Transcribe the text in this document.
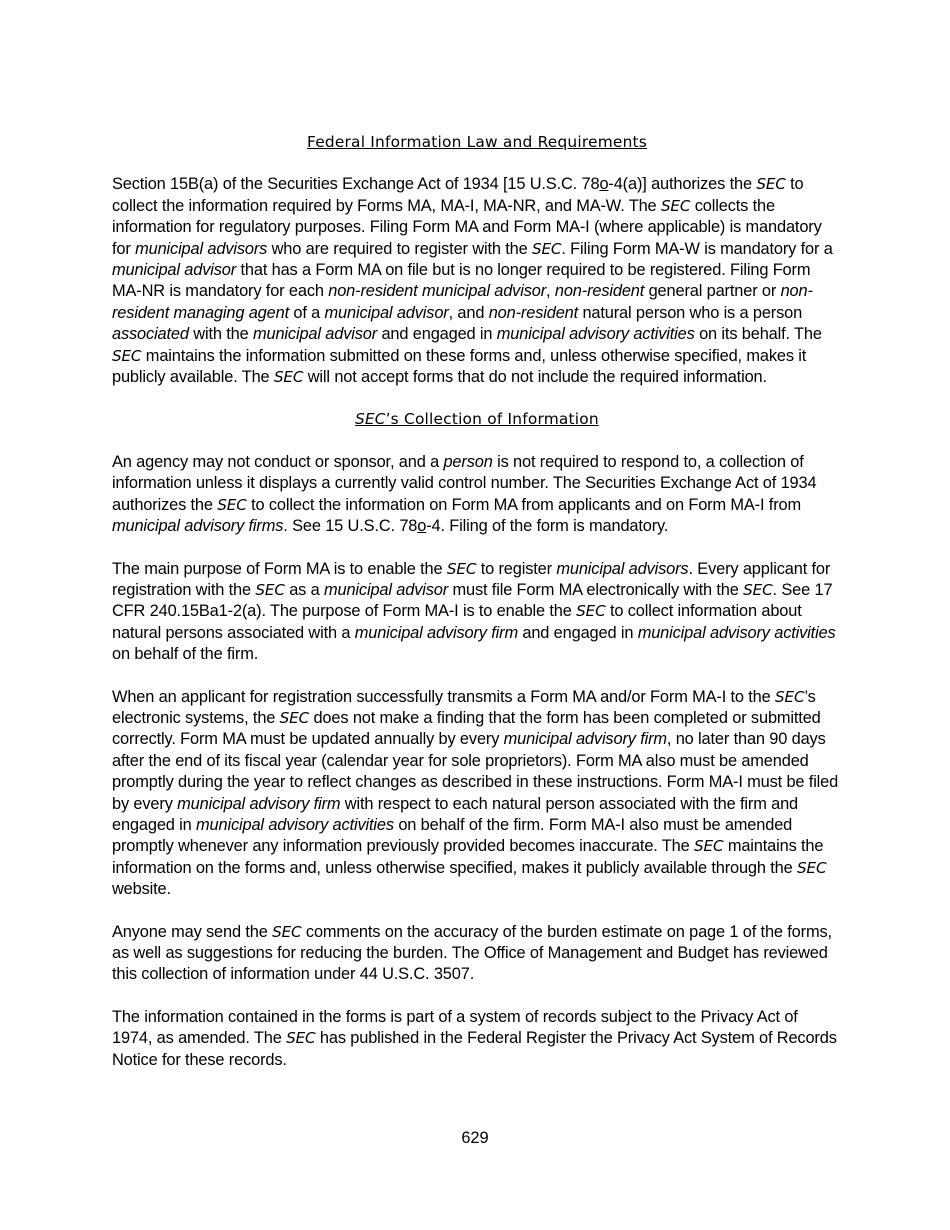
Federal Information Law and Requirements

Section 15B(a) of the Securities Exchange Act of 1934 [15 U.S.C. 78o-4(a)] authorizes the SEC to collect the information required by Forms MA, MA-I, MA-NR, and MA-W. The SEC collects the information for regulatory purposes. Filing Form MA and Form MA-I (where applicable) is mandatory for municipal advisors who are required to register with the SEC. Filing Form MA-W is mandatory for a municipal advisor that has a Form MA on file but is no longer required to be registered. Filing Form MA-NR is mandatory for each non-resident municipal advisor, non-resident general partner or non-resident managing agent of a municipal advisor, and non-resident natural person who is a person associated with the municipal advisor and engaged in municipal advisory activities on its behalf. The SEC maintains the information submitted on these forms and, unless otherwise specified, makes it publicly available. The SEC will not accept forms that do not include the required information.

SEC’s Collection of Information

An agency may not conduct or sponsor, and a person is not required to respond to, a collection of information unless it displays a currently valid control number. The Securities Exchange Act of 1934 authorizes the SEC to collect the information on Form MA from applicants and on Form MA-I from municipal advisory firms. See 15 U.S.C. 78o-4. Filing of the form is mandatory.

The main purpose of Form MA is to enable the SEC to register municipal advisors. Every applicant for registration with the SEC as a municipal advisor must file Form MA electronically with the SEC. See 17 CFR 240.15Ba1-2(a). The purpose of Form MA-I is to enable the SEC to collect information about natural persons associated with a municipal advisory firm and engaged in municipal advisory activities on behalf of the firm.

When an applicant for registration successfully transmits a Form MA and/or Form MA-I to the SEC’s electronic systems, the SEC does not make a finding that the form has been completed or submitted correctly. Form MA must be updated annually by every municipal advisory firm, no later than 90 days after the end of its fiscal year (calendar year for sole proprietors). Form MA also must be amended promptly during the year to reflect changes as described in these instructions. Form MA-I must be filed by every municipal advisory firm with respect to each natural person associated with the firm and engaged in municipal advisory activities on behalf of the firm. Form MA-I also must be amended promptly whenever any information previously provided becomes inaccurate. The SEC maintains the information on the forms and, unless otherwise specified, makes it publicly available through the SEC website.

Anyone may send the SEC comments on the accuracy of the burden estimate on page 1 of the forms, as well as suggestions for reducing the burden. The Office of Management and Budget has reviewed this collection of information under 44 U.S.C. 3507.

The information contained in the forms is part of a system of records subject to the Privacy Act of 1974, as amended. The SEC has published in the Federal Register the Privacy Act System of Records Notice for these records.

629
